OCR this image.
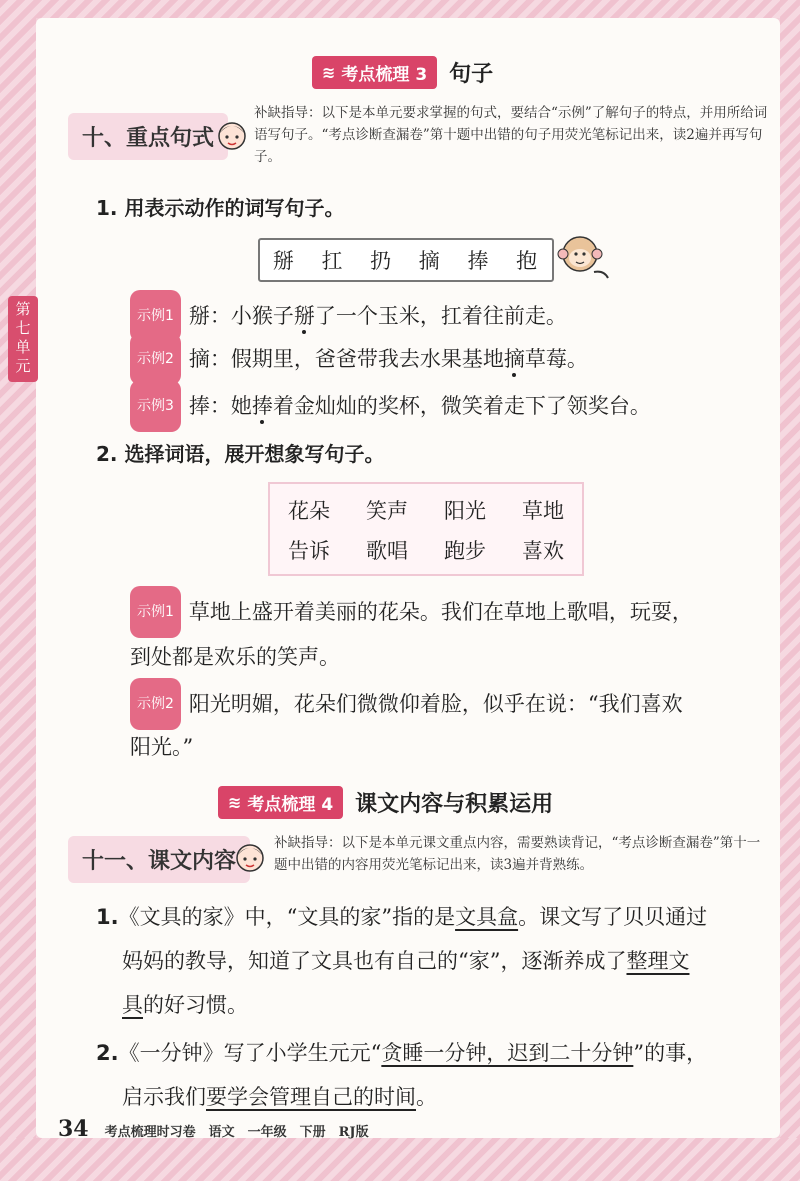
第
七
单
元
≋ 考点梳理 3 句子
十、重点句式
补缺指导：以下是本单元要求掌握的句式，要结合“示例”了解句子的特点，并用所给词语写句子。“考点诊断查漏卷”第十题中出错的句子用荧光笔标记出来，读2遍并再写句子。
1. 用表示动作的词写句子。
掰 扛 扔 摘 捧 抱
示例1 掰：小猴子掰了一个玉米，扛着往前走。
示例2 摘：假期里，爸爸带我去水果基地摘草莓。
示例3 捧：她捧着金灿灿的奖杯，微笑着走下了领奖台。
2. 选择词语，展开想象写句子。
花朵 笑声 阳光 草地
告诉 歌唱 跑步 喜欢
示例1 草地上盛开着美丽的花朵。我们在草地上歌唱，玩耍，
到处都是欢乐的笑声。
示例2 阳光明媚，花朵们微微仰着脸，似乎在说：“我们喜欢
阳光。”
≋ 考点梳理 4 课文内容与积累运用
十一、课文内容
补缺指导：以下是本单元课文重点内容，需要熟读背记，“考点诊断查漏卷”第十一题中出错的内容用荧光笔标记出来，读3遍并背熟练。
1.《文具的家》中，“文具的家”指的是文具盒。课文写了贝贝通过
妈妈的教导，知道了文具也有自己的“家”，逐渐养成了整理文
具的好习惯。
2.《一分钟》写了小学生元元“贪睡一分钟，迟到二十分钟”的事，
启示我们要学会管理自己的时间。
34 考点梳理时习卷　语文　一年级　下册　RJ版
